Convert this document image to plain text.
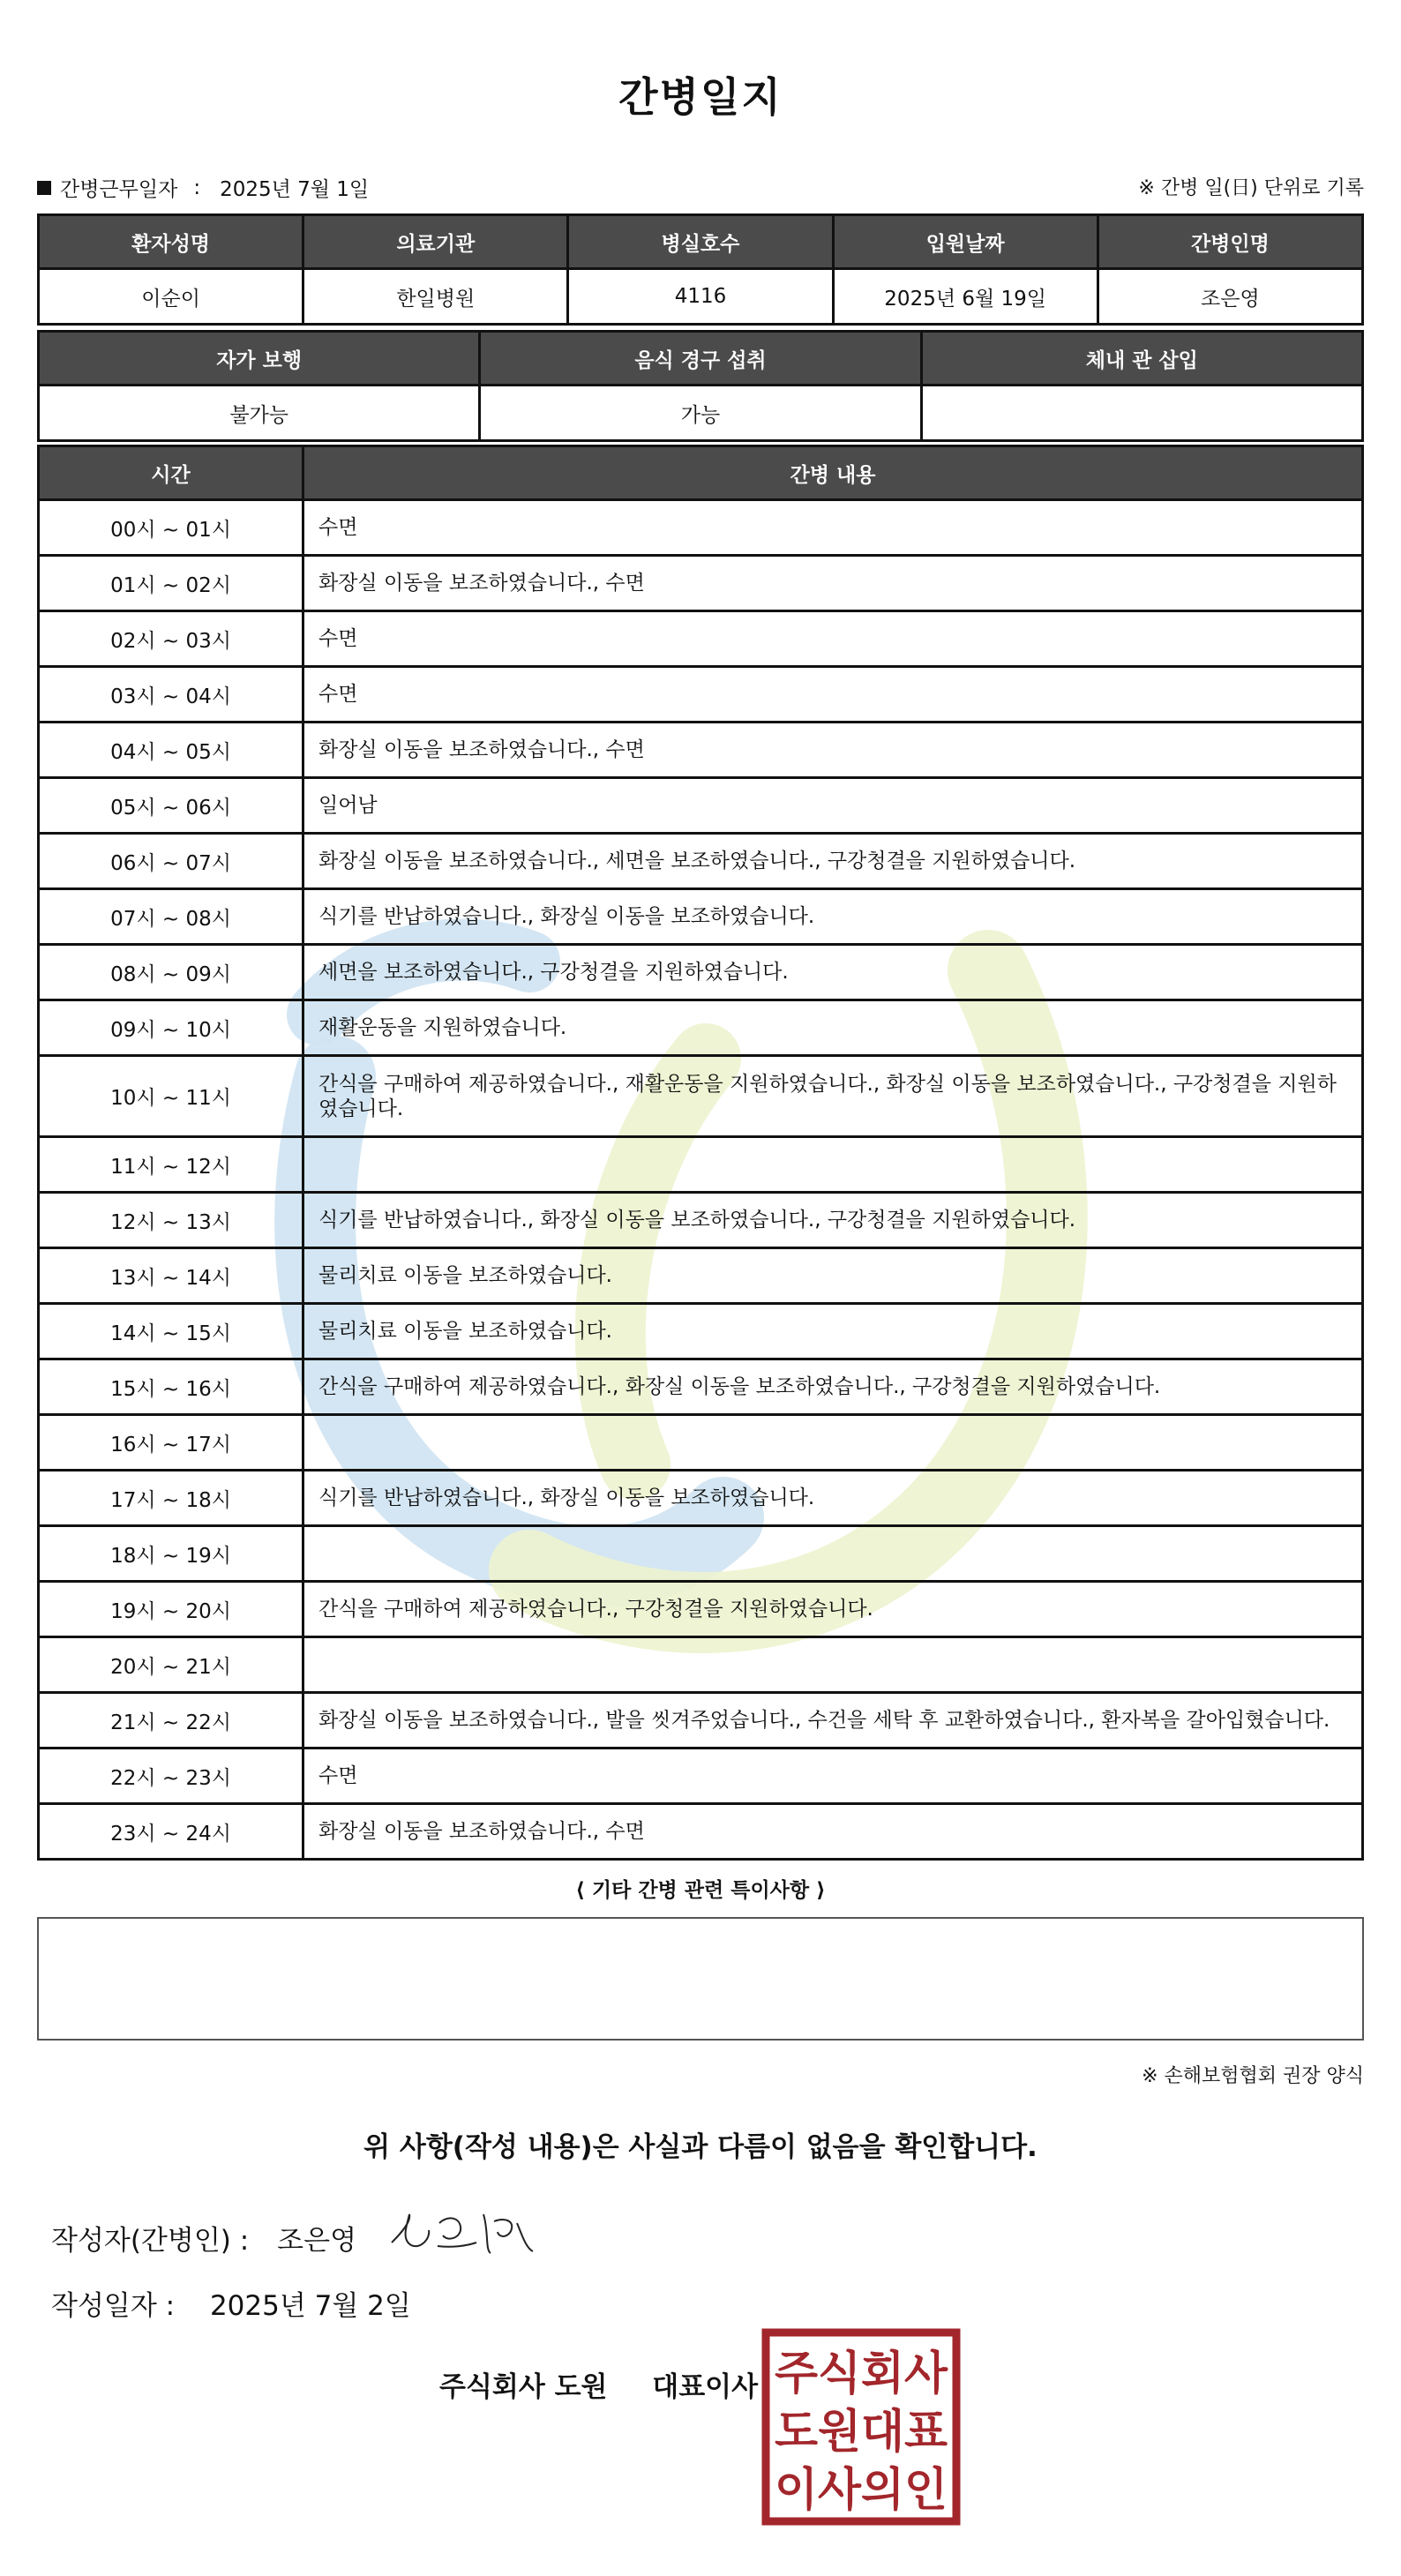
간병일지
간병근무일자 : 2025년 7월 1일	※ 간병 일(日) 단위로 기록
환자성명	의료기관	병실호수	입원날짜	간병인명
이순이	한일병원	4116	2025년 6월 19일	조은영
자가 보행	음식 경구 섭취	체내 관 삽입
불가능	가능	
시간	간병 내용
00시 ~ 01시	수면
01시 ~ 02시	화장실 이동을 보조하였습니다., 수면
02시 ~ 03시	수면
03시 ~ 04시	수면
04시 ~ 05시	화장실 이동을 보조하였습니다., 수면
05시 ~ 06시	일어남
06시 ~ 07시	화장실 이동을 보조하였습니다., 세면을 보조하였습니다., 구강청결을 지원하였습니다.
07시 ~ 08시	식기를 반납하였습니다., 화장실 이동을 보조하였습니다.
08시 ~ 09시	세면을 보조하였습니다., 구강청결을 지원하였습니다.
09시 ~ 10시	재활운동을 지원하였습니다.
10시 ~ 11시	간식을 구매하여 제공하였습니다., 재활운동을 지원하였습니다., 화장실 이동을 보조하였습니다., 구강청결을 지원하였습니다.
11시 ~ 12시	
12시 ~ 13시	식기를 반납하였습니다., 화장실 이동을 보조하였습니다., 구강청결을 지원하였습니다.
13시 ~ 14시	물리치료 이동을 보조하였습니다.
14시 ~ 15시	물리치료 이동을 보조하였습니다.
15시 ~ 16시	간식을 구매하여 제공하였습니다., 화장실 이동을 보조하였습니다., 구강청결을 지원하였습니다.
16시 ~ 17시	
17시 ~ 18시	식기를 반납하였습니다., 화장실 이동을 보조하였습니다.
18시 ~ 19시	
19시 ~ 20시	간식을 구매하여 제공하였습니다., 구강청결을 지원하였습니다.
20시 ~ 21시	
21시 ~ 22시	화장실 이동을 보조하였습니다., 발을 씻겨주었습니다., 수건을 세탁 후 교환하였습니다., 환자복을 갈아입혔습니다.
22시 ~ 23시	수면
23시 ~ 24시	화장실 이동을 보조하였습니다., 수면
⟨ 기타 간병 관련 특이사항 ⟩
※ 손해보험협회 권장 양식
위 사항(작성 내용)은 사실과 다름이 없음을 확인합니다.
작성자(간병인) : 조은영
작성일자 : 2025년 7월 2일
주식회사 도원 대표이사 주식회사
도원대표
이사의인
